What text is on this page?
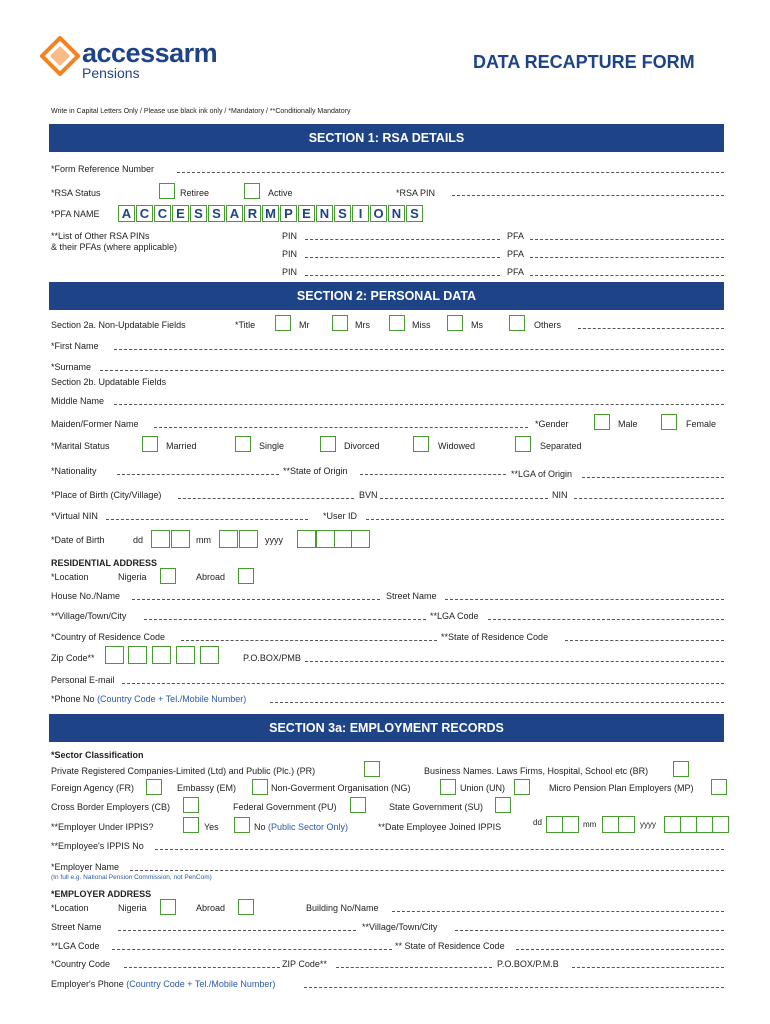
accessarm
Pensions
DATA RECAPTURE FORM
Write in Capital Letters Only / Please use black ink only / *Mandatory / **Conditionally Mandatory
SECTION 1: RSA DETAILS
*Form Reference Number
*RSA Status	Retiree	Active	*RSA PIN
*PFA NAME A C C E S S A R M P E N S I O N S
**List of Other RSA PINs
& their PFAs (where applicable)
PIN	PFA
PIN	PFA
PIN	PFA
SECTION 2: PERSONAL DATA
Section 2a. Non-Updatable Fields	*Title	Mr	Mrs	Miss	Ms	Others
*First Name
*Surname
Section 2b. Updatable Fields
Middle Name
Maiden/Former Name	*Gender	Male	Female
*Marital Status	Married	Single	Divorced	Widowed	Separated
*Nationality	**State of Origin	**LGA of Origin
*Place of Birth (City/Village)	BVN	NIN
*Virtual NIN	*User ID
*Date of Birth	dd	mm	yyyy
RESIDENTIAL ADDRESS
*Location	Nigeria	Abroad
House No./Name	Street Name
**Village/Town/City	**LGA Code
*Country of Residence Code	**State of Residence Code
Zip Code**	P.O.BOX/PMB
Personal E-mail
*Phone No (Country Code + Tel./Mobile Number)
SECTION 3a: EMPLOYMENT RECORDS
*Sector Classification
Private Registered Companies-Limited (Ltd) and Public (Plc.) (PR)	Business Names. Laws Firms, Hospital, School etc (BR)
Foreign Agency (FR)	Embassy (EM)	Non-Goverment Organisation (NG)	Union (UN)	Micro Pension Plan Employers (MP)
Cross Border Employers (CB)	Federal Government (PU)	State Government (SU)
**Employer Under IPPIS?	Yes	No (Public Sector Only)	**Date Employee Joined IPPIS	dd	mm	yyyy
**Employee's IPPIS No
*Employer Name
(In full e.g. National Pension Commission, not PenCom)
*EMPLOYER ADDRESS
*Location	Nigeria	Abroad	Building No/Name
Street Name	**Village/Town/City
**LGA Code	** State of Residence Code
*Country Code	ZIP Code**	P.O.BOX/P.M.B
Employer's Phone (Country Code + Tel./Mobile Number)
